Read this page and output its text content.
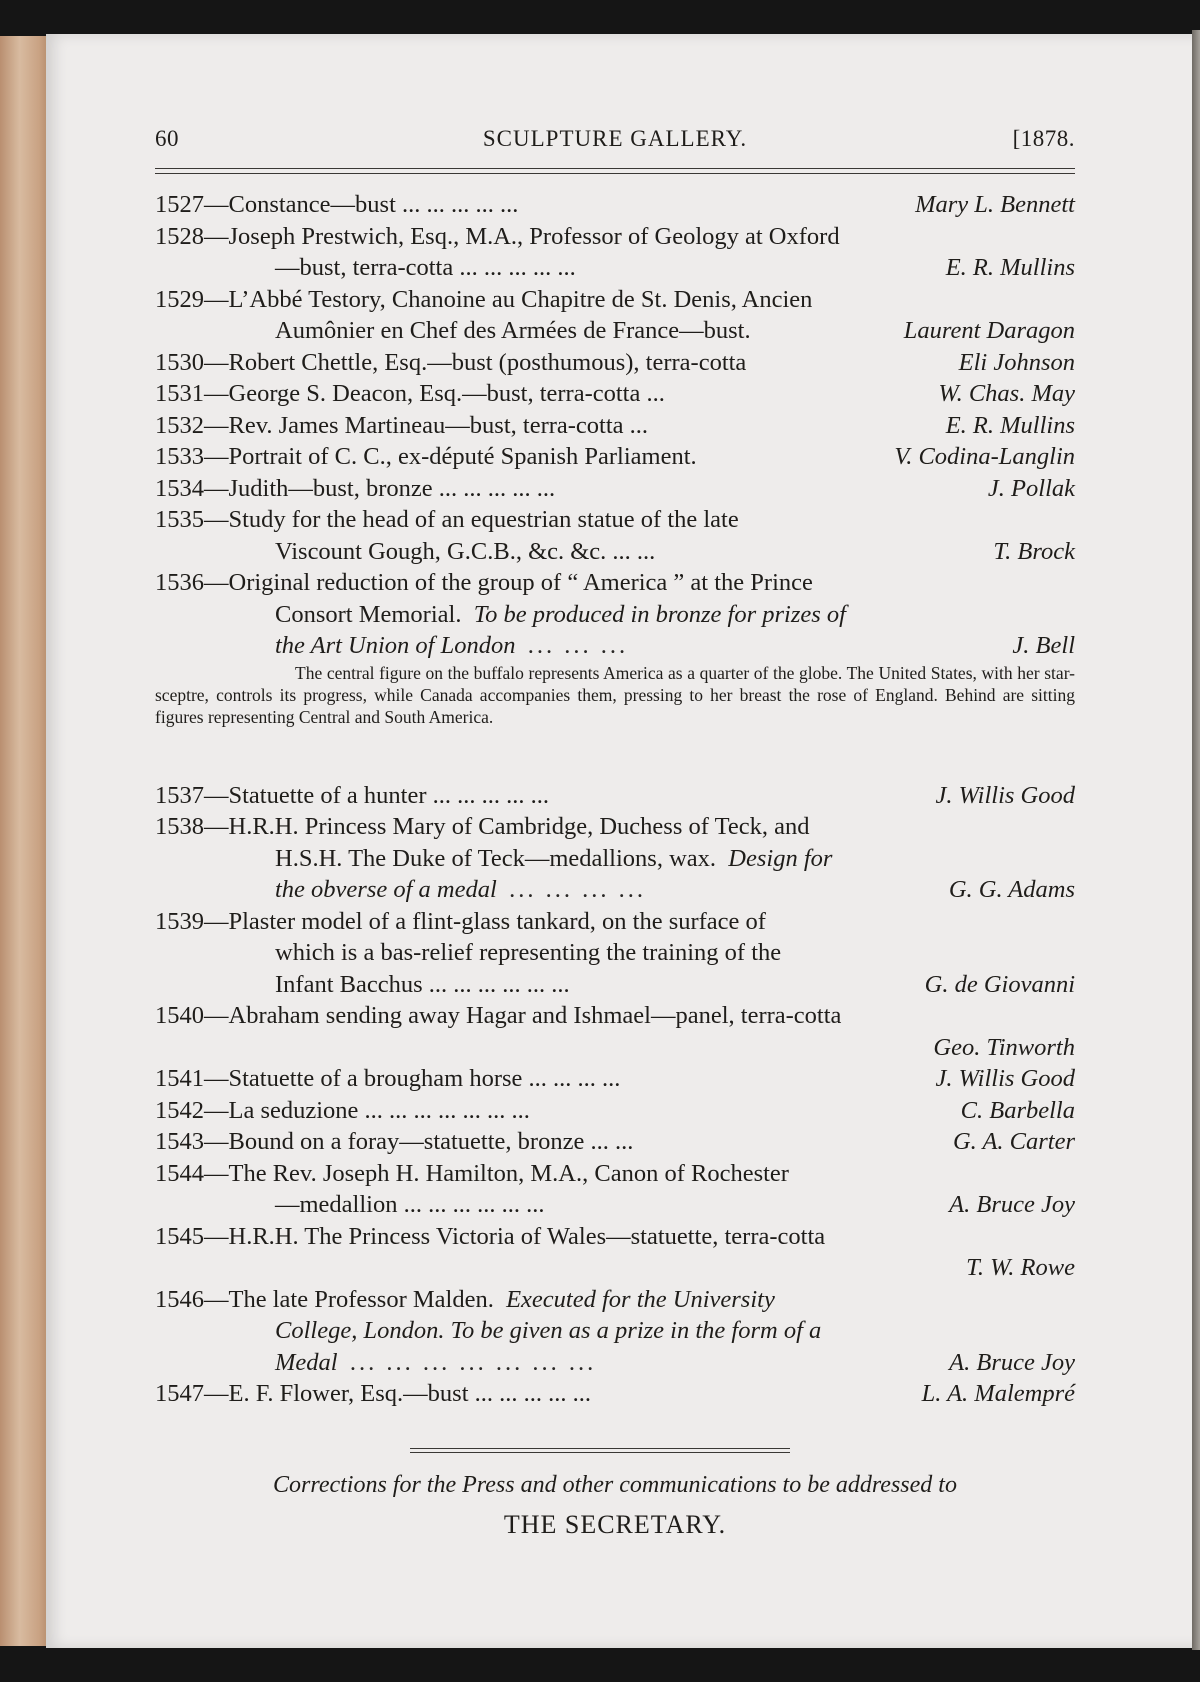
60	SCULPTURE GALLERY.	[1878.
1527—Constance—bust ... ... ... ... ...	Mary L. Bennett
1528—Joseph Prestwich, Esq., M.A., Professor of Geology at Oxford
—bust, terra-cotta ... ... ... ... ...	E. R. Mullins
1529—L’Abbé Testory, Chanoine au Chapitre de St. Denis, Ancien
Aumônier en Chef des Armées de France—bust.	Laurent Daragon
1530—Robert Chettle, Esq.—bust (posthumous), terra-cotta	Eli Johnson
1531—George S. Deacon, Esq.—bust, terra-cotta ...	W. Chas. May
1532—Rev. James Martineau—bust, terra-cotta ...	E. R. Mullins
1533—Portrait of C. C., ex-député Spanish Parliament.	V. Codina-Langlin
1534—Judith—bust, bronze ... ... ... ... ...	J. Pollak
1535—Study for the head of an equestrian statue of the late
Viscount Gough, G.C.B., &c. &c. ... ...	T. Brock
1536—Original reduction of the group of “ America ” at the Prince
Consort Memorial. To be produced in bronze for prizes of
the Art Union of London ... ... ...	J. Bell
The central figure on the buffalo represents America as a quarter of the globe. The United States, with her star-sceptre, controls its progress, while Canada accompanies them, pressing to her breast the rose of England. Behind are sitting figures representing Central and South America.
1537—Statuette of a hunter ... ... ... ... ...	J. Willis Good
1538—H.R.H. Princess Mary of Cambridge, Duchess of Teck, and
H.S.H. The Duke of Teck—medallions, wax. Design for
the obverse of a medal ... ... ... ...	G. G. Adams
1539—Plaster model of a flint-glass tankard, on the surface of
which is a bas-relief representing the training of the
Infant Bacchus ... ... ... ... ... ...	G. de Giovanni
1540—Abraham sending away Hagar and Ishmael—panel, terra-cotta
Geo. Tinworth
1541—Statuette of a brougham horse ... ... ... ...	J. Willis Good
1542—La seduzione ... ... ... ... ... ... ...	C. Barbella
1543—Bound on a foray—statuette, bronze ... ...	G. A. Carter
1544—The Rev. Joseph H. Hamilton, M.A., Canon of Rochester
—medallion ... ... ... ... ... ...	A. Bruce Joy
1545—H.R.H. The Princess Victoria of Wales—statuette, terra-cotta
T. W. Rowe
1546—The late Professor Malden. Executed for the University
College, London. To be given as a prize in the form of a
Medal ... ... ... ... ... ... ...	A. Bruce Joy
1547—E. F. Flower, Esq.—bust ... ... ... ... ...	L. A. Malempré
Corrections for the Press and other communications to be addressed to
THE SECRETARY.
